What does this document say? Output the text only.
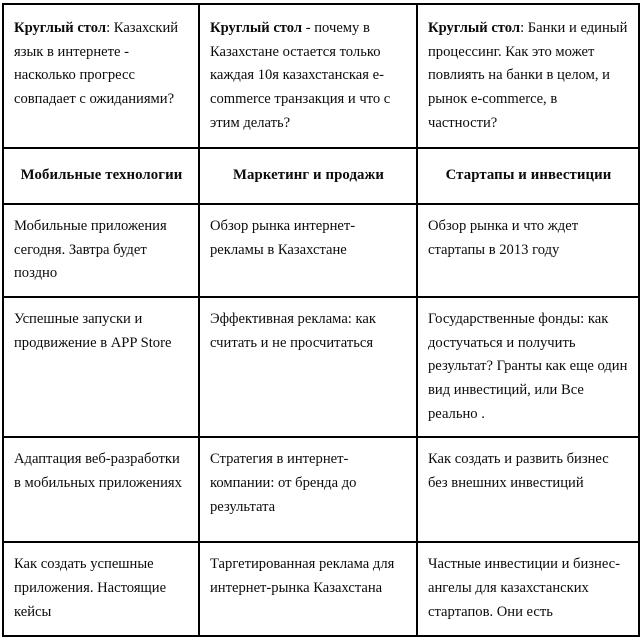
Круглый стол: Казахский язык в интернете - насколько прогресс совпадает с ожиданиями?	Круглый стол - почему в Казахстане остается только каждая 10я казахстанская e-commerce транзакция и что с этим делать?	Круглый стол: Банки и единый процессинг. Как это может повлиять на банки в целом, и рынок e-commerce, в частности?
Мобильные технологии	Маркетинг и продажи	Стартапы и инвестиции
Мобильные приложения сегодня. Завтра будет поздно	Обзор рынка интернет-рекламы в Казахстане	Обзор рынка и что ждет стартапы в 2013 году
Успешные запуски и продвижение в APP Store	Эффективная реклама: как считать и не просчитаться	Государственные фонды: как достучаться и получить результат? Гранты как еще один вид инвестиций, или Все реально .
Адаптация веб-разработки в мобильных приложениях	Стратегия в интернет-компании: от бренда до результата	Как создать и развить бизнес без внешних инвестиций
Как создать успешные приложения. Настоящие кейсы	Таргетированная реклама для интернет-рынка Казахстана	Частные инвестиции и бизнес-ангелы для казахстанских стартапов. Они есть
